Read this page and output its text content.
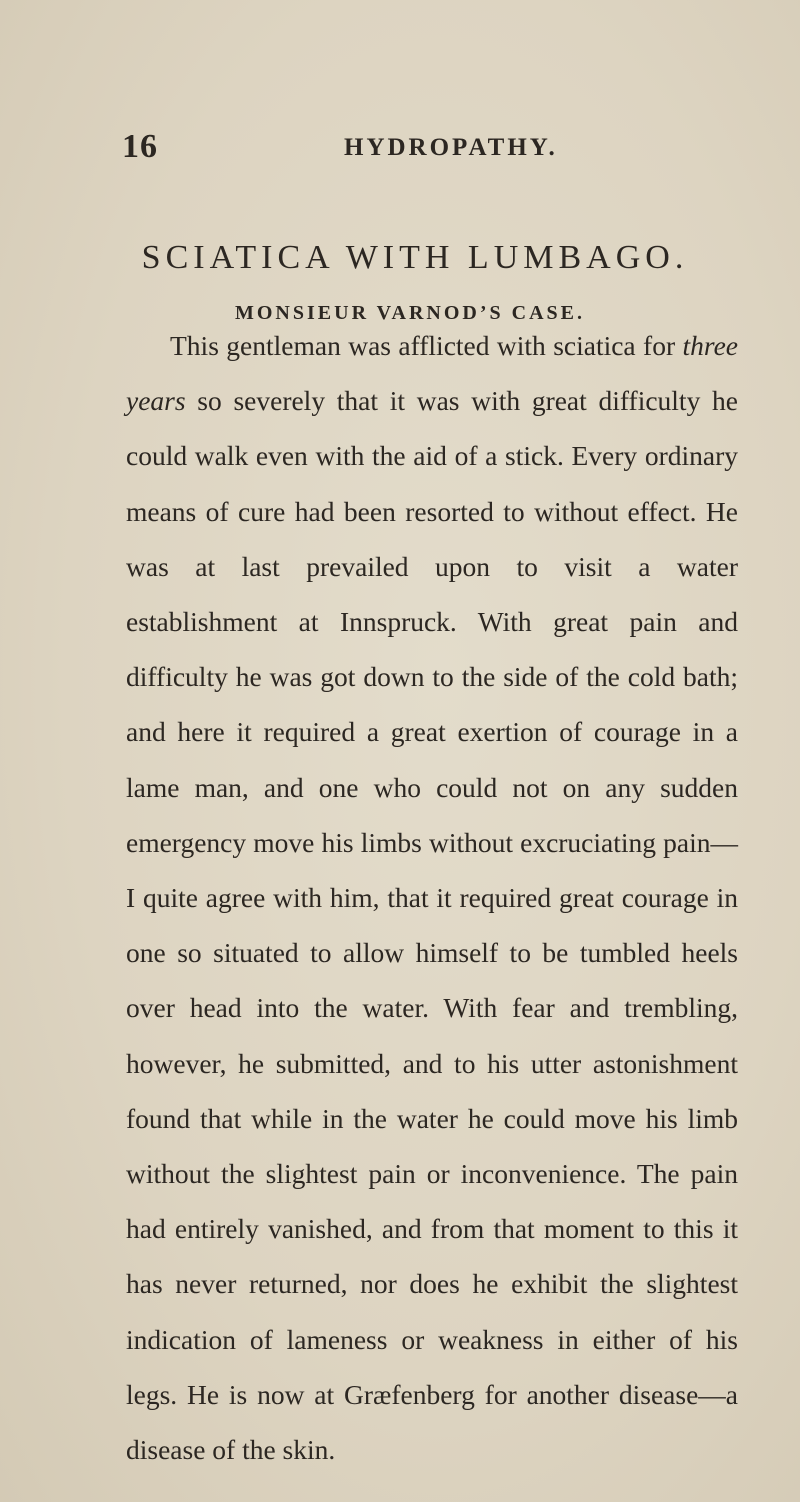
16	HYDROPATHY.
SCIATICA WITH LUMBAGO.
MONSIEUR VARNOD’S CASE.

This gentleman was afflicted with sciatica for three years so severely that it was with great difficulty he could walk even with the aid of a stick. Every ordinary means of cure had been resorted to without effect. He was at last prevailed upon to visit a water establishment at Innspruck. With great pain and difficulty he was got down to the side of the cold bath; and here it required a great exertion of courage in a lame man, and one who could not on any sudden emergency move his limbs without excruciating pain—I quite agree with him, that it required great courage in one so situated to allow himself to be tumbled heels over head into the water. With fear and trembling, however, he submitted, and to his utter astonishment found that while in the water he could move his limb without the slightest pain or inconvenience. The pain had entirely vanished, and from that moment to this it has never returned, nor does he exhibit the slightest indication of lameness or weakness in either of his legs. He is now at Græfenberg for another disease—a disease of the skin.
